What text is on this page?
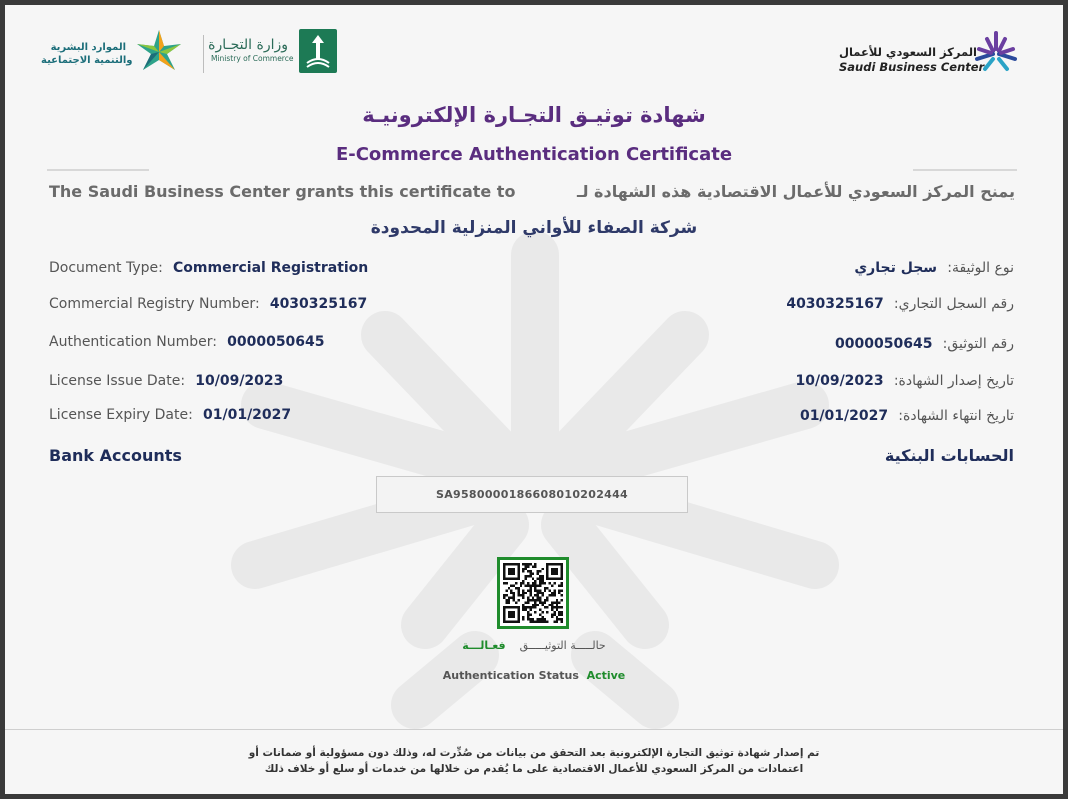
الموارد البشرية
والتنمية الاجتماعية
وزارة التجـارة
Ministry of Commerce	المركز السعودي للأعمال
Saudi Business Center
شهادة توثيـق التجـارة الإلكترونيـة
E-Commerce Authentication Certificate
The Saudi Business Center grants this certificate to	يمنح المركز السعودي للأعمال الاقتصادية هذه الشهادة لـ
شركة الصفاء للأواني المنزلية المحدودة
Document Type: Commercial Registration
Commercial Registry Number: 4030325167
Authentication Number: 0000050645
License Issue Date: 10/09/2023
License Expiry Date: 01/01/2027
نوع الوثيقة:  سجل تجاري
رقم السجل التجاري:  4030325167
رقم التوثيق:  0000050645
تاريخ إصدار الشهادة:  10/09/2023
تاريخ انتهاء الشهادة:  01/01/2027
Bank Accounts	الحسابات البنكية
SA9580000186608010202444
حالـــــة التوثيـــــق    فعـالـــة
Authentication Status Active
تم إصدار شهادة توثيق التجارة الإلكترونية بعد التحقق من بيانات من صُدِّرت له، وذلك دون مسؤولية أو ضمانات أو
اعتمادات من المركز السعودي للأعمال الاقتصادية على ما يُقدم من خلالها من خدمات أو سلع أو خلاف ذلك
